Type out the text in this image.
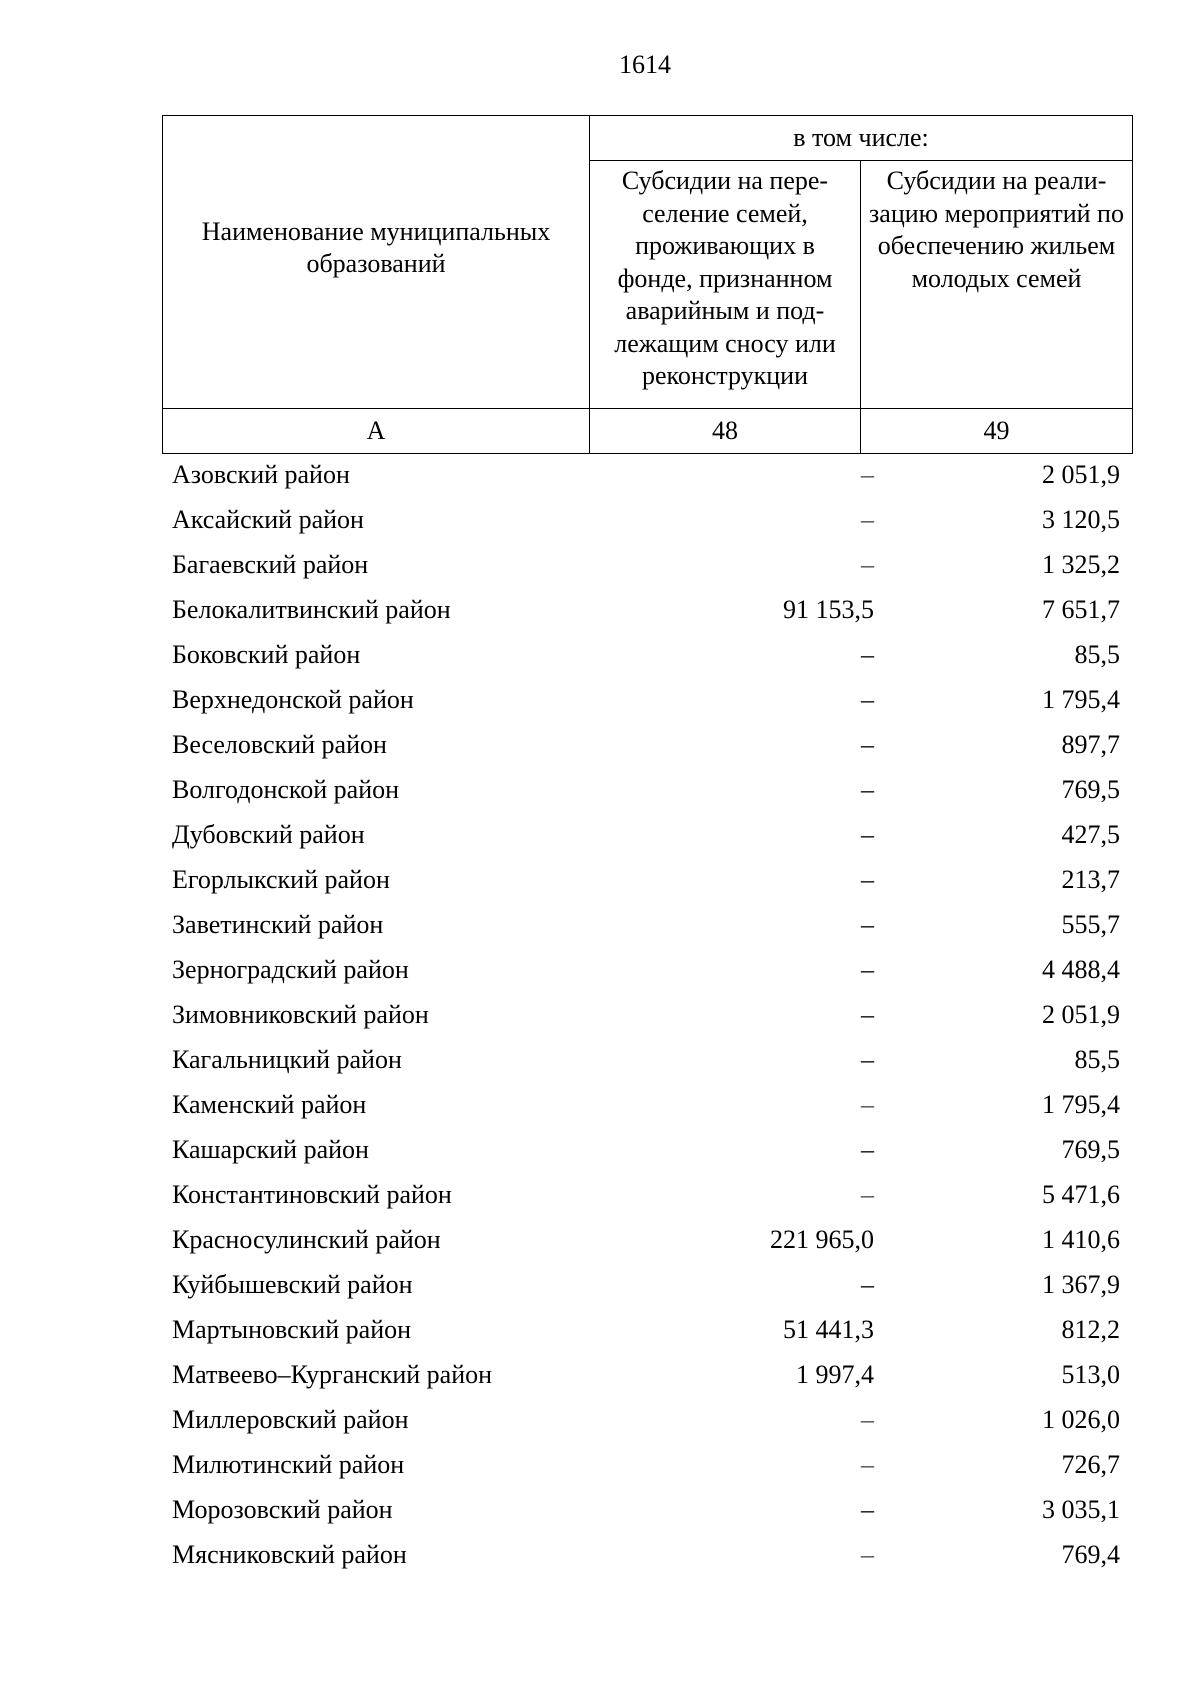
1614
Наименование муниципальных образований	в том числе:	
	Субсидии на пере-селение семей, проживающих в фонде, признанном аварийным и под-лежащим сносу или реконструкции	Субсидии на реали-зацию мероприятий по обеспечению жильем молодых семей
А	48	49
Азовский район	–	2 051,9
Аксайский район	–	3 120,5
Багаевский район	–	1 325,2
Белокалитвинский район	91 153,5	7 651,7
Боковский район	–	85,5
Верхнедонской район	–	1 795,4
Веселовский район	–	897,7
Волгодонской район	–	769,5
Дубовский район	–	427,5
Егорлыкский район	–	213,7
Заветинский район	–	555,7
Зерноградский район	–	4 488,4
Зимовниковский район	–	2 051,9
Кагальницкий район	–	85,5
Каменский район	–	1 795,4
Кашарский район	–	769,5
Константиновский район	–	5 471,6
Красносулинский район	221 965,0	1 410,6
Куйбышевский район	–	1 367,9
Мартыновский район	51 441,3	812,2
Матвеево–Курганский район	1 997,4	513,0
Миллеровский район	–	1 026,0
Милютинский район	–	726,7
Морозовский район	–	3 035,1
Мясниковский район	–	769,4
